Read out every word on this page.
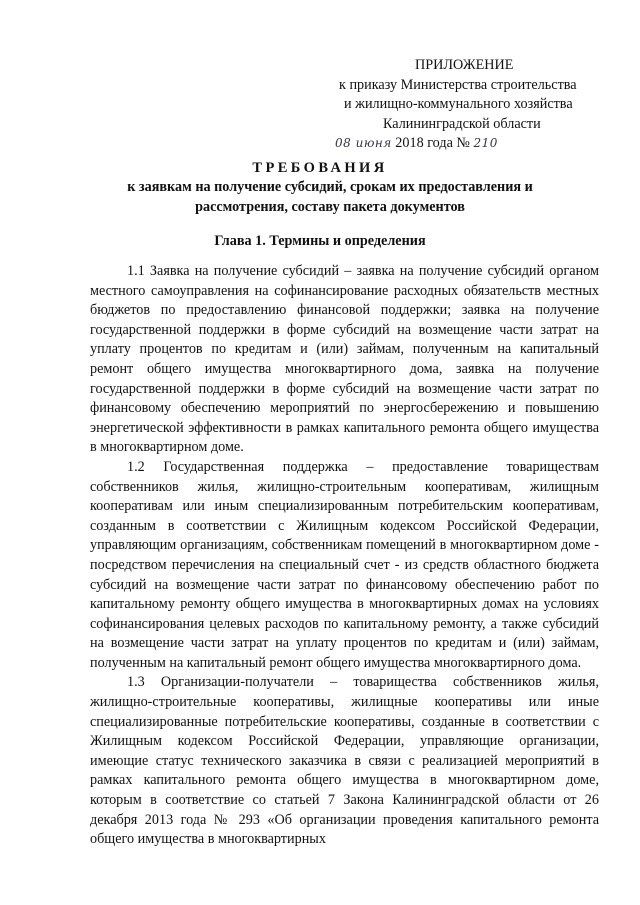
ПРИЛОЖЕНИЕ
к приказу Министерства строительства
и жилищно-коммунального хозяйства
Калининградской области
08 июня 2018 года № 210
ТРЕБОВАНИЯ
к заявкам на получение субсидий, срокам их предоставления и рассмотрения, составу пакета документов
Глава 1. Термины и определения

1.1 Заявка на получение субсидий – заявка на получение субсидий органом местного самоуправления на софинансирование расходных обязательств местных бюджетов по предоставлению финансовой поддержки; заявка на получение государственной поддержки в форме субсидий на возмещение части затрат на уплату процентов по кредитам и (или) займам, полученным на капитальный ремонт общего имущества многоквартирного дома, заявка на получение государственной поддержки в форме субсидий на возмещение части затрат по финансовому обеспечению мероприятий по энергосбережению и повышению энергетической эффективности в рамках капитального ремонта общего имущества в многоквартирном доме.

1.2 Государственная поддержка – предоставление товариществам собственников жилья, жилищно-строительным кооперативам, жилищным кооперативам или иным специализированным потребительским кооперативам, созданным в соответствии с Жилищным кодексом Российской Федерации, управляющим организациям, собственникам помещений в многоквартирном доме - посредством перечисления на специальный счет - из средств областного бюджета субсидий на возмещение части затрат по финансовому обеспечению работ по капитальному ремонту общего имущества в многоквартирных домах на условиях софинансирования целевых расходов по капитальному ремонту, а также субсидий на возмещение части затрат на уплату процентов по кредитам и (или) займам, полученным на капитальный ремонт общего имущества многоквартирного дома.

1.3 Организации-получатели – товарищества собственников жилья, жилищно-строительные кооперативы, жилищные кооперативы или иные специализированные потребительские кооперативы, созданные в соответствии с Жилищным кодексом Российской Федерации, управляющие организации, имеющие статус технического заказчика в связи с реализацией мероприятий в рамках капитального ремонта общего имущества в многоквартирном доме, которым в соответствие со статьей 7 Закона Калининградской области от 26 декабря 2013 года № 293 «Об организации проведения капитального ремонта общего имущества в многоквартирных
